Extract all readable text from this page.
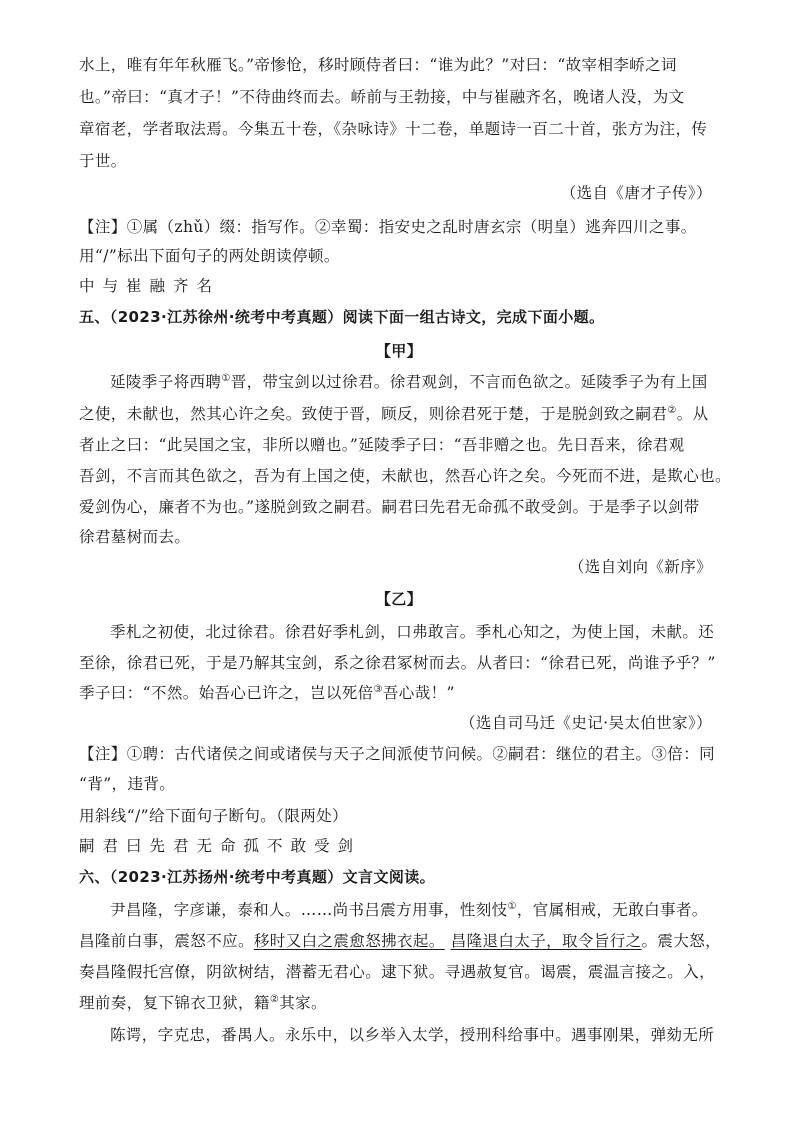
水上，唯有年年秋雁飞。”帝惨怆，移时顾侍者曰：“谁为此？”对曰：“故宰相李峤之词
也。”帝曰：“真才子！”不待曲终而去。峤前与王勃接，中与崔融齐名，晚诸人没，为文
章宿老，学者取法焉。今集五十卷，《杂咏诗》十二卷，单题诗一百二十首，张方为注，传
于世。
（选自《唐才子传》）
【注】①属（zhǔ）缀：指写作。②幸蜀：指安史之乱时唐玄宗（明皇）逃奔四川之事。
用“/”标出下面句子的两处朗读停顿。
中与崔融齐名
五、（2023·江苏徐州·统考中考真题）阅读下面一组古诗文，完成下面小题。
【甲】
延陵季子将西聘①晋，带宝剑以过徐君。徐君观剑，不言而色欲之。延陵季子为有上国
之使，未献也，然其心许之矣。致使于晋，顾反，则徐君死于楚，于是脱剑致之嗣君②。从
者止之曰：“此吴国之宝，非所以赠也。”延陵季子曰：“吾非赠之也。先日吾来，徐君观
吾剑，不言而其色欲之，吾为有上国之使，未献也，然吾心许之矣。今死而不进，是欺心也。
爱剑伪心，廉者不为也。”遂脱剑致之嗣君。嗣君曰先君无命孤不敢受剑。于是季子以剑带
徐君墓树而去。
（选自刘向《新序》
【乙】
季札之初使，北过徐君。徐君好季札剑，口弗敢言。季札心知之，为使上国，未献。还
至徐，徐君已死，于是乃解其宝剑，系之徐君冢树而去。从者曰：“徐君已死，尚谁予乎？”
季子曰：“不然。始吾心已许之，岂以死倍③吾心哉！”
（选自司马迁《史记·吴太伯世家》）
【注】①聘：古代诸侯之间或诸侯与天子之间派使节问候。②嗣君：继位的君主。③倍：同
“背”，违背。
用斜线“/”给下面句子断句。（限两处）
嗣君曰先君无命孤不敢受剑
六、（2023·江苏扬州·统考中考真题）文言文阅读。
尹昌隆，字彦谦，泰和人。……尚书吕震方用事，性刻忮①，官属相戒，无敢白事者。
昌隆前白事，震怒不应。移时又白之震愈怒拂衣起。 昌隆退白太子，取令旨行之。震大怒，
奏昌隆假托宫僚，阴欲树结，潜蓄无君心。逮下狱。寻遇赦复官。谒震，震温言接之。入，
理前奏，复下锦衣卫狱，籍②其家。
陈谔，字克忠，番禺人。永乐中，以乡举入太学，授刑科给事中。遇事刚果，弹劾无所
